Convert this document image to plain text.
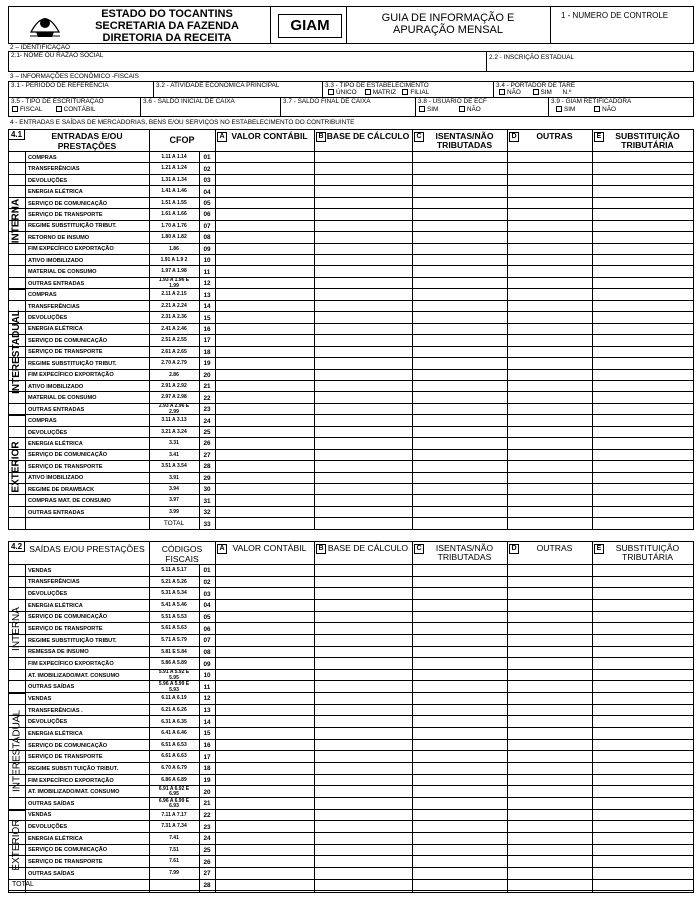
ESTADO DO TOCANTINS
SECRETARIA DA FAZENDA
DIRETORIA DA RECEITA
GIAM	GUIA DE INFORMAÇÃO E
APURAÇÃO MENSAL
1 - NUMERO DE CONTROLE
2 – IDENTIFICAÇÃO
2.1- NOME OU RAZÃO SOCIAL	2.2 - INSCRIÇÃO ESTADUAL
3 – INFORMAÇÕES ECONÔMICO -FISCAIS
3.1 - PERÍODO DE REFERÊNCIA	3.2 - ATIVIDADE ECONÔMICA PRINCIPAL	3.3 - TIPO DE ESTABELECIMENTO
ÚNICO	MATRIZ FILIAL
3.4 - PORTADOR DE TARE
NÃO	SIM N.º
3.5 - TIPO DE ESCRITURAÇÃO
FISCAL	CONTÁBIL
3.6 - SALDO INICIAL DE CAIXA	3.7 - SALDO FINAL DE CAIXA	3.8 - USUÁRIO DE ECF
SIM	NÃO
3.9 - GIAM RETIFICADORA
SIM	NÃO
4 - ENTRADAS E SAÍDAS DE MERCADORIAS, BENS E/OU SERVIÇOS NO ESTABELECIMENTO DO CONTRIBUINTE
4.1	ENTRADAS E/OU PRESTAÇÕES
CFOP	A VALOR CONTÁBIL	B BASE DE CÁLCULO	C	ISENTAS/NÃO TRIBUTADAS
D	OUTRAS	E	SUBSTITUIÇÃO TRIBUTÁRIA
COMPRAS	1.11 A 1.14	01
TRANSFERÊNCIAS	1.21 A 1.24	02
DEVOLUÇÕES	1.31 A 1.34	03
ENERGIA ELÉTRICA	1.41 A 1.46	04
SERVIÇO DE COMUNICAÇÃO	1.51 A 1.55	05
SERVIÇO DE TRANSPORTE	1.61 A 1.66	06
REGIME SUBSTITUIÇÃO TRIBUT.	1.70 A 1.76	07
RETORNO DE INSUMO	1.80 A 1.82	08
FIM EXPECÍFICO EXPORTAÇÃO	1.86	09
ATIVO IMOBILIZADO	1.91 A 1.9 2	10
MATERIAL DE CONSUMO	1.97 A 1.98	11
OUTRAS ENTRADAS
1.93 A 1.96 E 1.99	12
COMPRAS	2.11 A 2.15	13
TRANSFERÊNCIAS	2.21 A 2.24	14
DEVOLUÇÕES	2.31 A 2.36	15
ENERGIA ELÉTRICA	2.41 A 2.46	16
SERVIÇO DE COMUNICAÇÃO	2.51 A 2.55	17
SERVIÇO DE TRANSPORTE	2.61 A 2.65	18
REGIME SUBSTITUIÇÃO TRIBUT.	2.70 A 2.79	19
FIM EXPECÍFICO EXPORTAÇÃO	2.86	20
ATIVO IMOBILIZADO	2.91 A 2.92	21
MATERIAL DE CONSUMO	2.97 A 2.98	22
OUTRAS ENTRADAS
2.93 A 2.96 E 2.99	23
COMPRAS	3.11 A 3.13	24
DEVOLUÇÕES	3.21 A 3.24	25
ENERGIA ELÉTRICA	3.31	26
SERVIÇO DE COMUNICAÇÃO	3.41	27
SERVIÇO DE TRANSPORTE	3.51 A 3.54	28
ATIVO IMOBILIZADO	3.91	29
REGIME DE DRAWBACK	3.94	30
COMPRAS MAT. DE CONSUMO	3.97	31
OUTRAS ENTRADAS	3.99	32
TOTAL	33
INTERNA
INTERESTADUAL
EXTERIOR
4.2 SAÍDAS E/OU PRESTAÇÕES	CÓDIGOS FISCAIS
A VALOR CONTÁBIL	B BASE DE CÁLCULO	C	ISENTAS/NÃO TRIBUTADAS
D	OUTRAS	E	SUBSTITUIÇÃO TRIBUTÁRIA
VENDAS	5.11 A 5.17	01
TRANSFERÊNCIAS	5.21 A 5.26	02
DEVOLUÇÕES	5.31 A 5.34	03
ENERGIA ELÉTRICA	5.41 A 5.46	04
SERVIÇO DE COMUNICAÇÃO	5.51 A 5.53	05
SERVIÇO DE TRANSPORTE	5.61 A 5.63	06
REGIME SUBSTITUIÇÃO TRIBUT.	5.71 A 5.79	07
REMESSA DE INSUMO	5.81 E 5.84	08
FIM EXPECÍFICO EXPORTAÇÃO	5.86 A 5.89	09
AT. IMOBILIZADO/MAT. CONSUMO
5.91 A 5.92 E 5.95	10
OUTRAS SAÍDAS
5.96 A 5.99 E 5.93	11
VENDAS	6.11 A 6.19	12
TRANSFERÊNCIAS .	6.21 A 6.26	13
DEVOLUÇÕES	6.31 A 6.35	14
ENERGIA ELÉTRICA	6.41 A 6.46	15
SERVIÇO DE COMUNICAÇÃO	6.51 A 6.53	16
SERVIÇO DE TRANSPORTE	6.61 A 6.63	17
REGIME SUBSTI TUIÇÃO TRIBUT.	6.70 A 6.79	18
FIM EXPECÍFICO EXPORTAÇÃO	6.86 A 6.89	19
AT. IMOBILIZADO/MAT. CONSUMO
6.91 A 6.92 E 6.95	20
OUTRAS SAÍDAS
6.96 A 6.99 E 6.93	21
VENDAS	7.11 A 7.17	22
DEVOLUÇÕES	7.31 A 7.34	23
ENERGIA ELÉTRICA	7.41	24
SERVIÇO DE COMUNICAÇÃO	7.51	25
SERVIÇO DE TRANSPORTE	7.61	26
OUTRAS SAÍDAS	7.99	27
TOTAL	28
INTERNA
INTERESTADUAL
EXTERIOR
